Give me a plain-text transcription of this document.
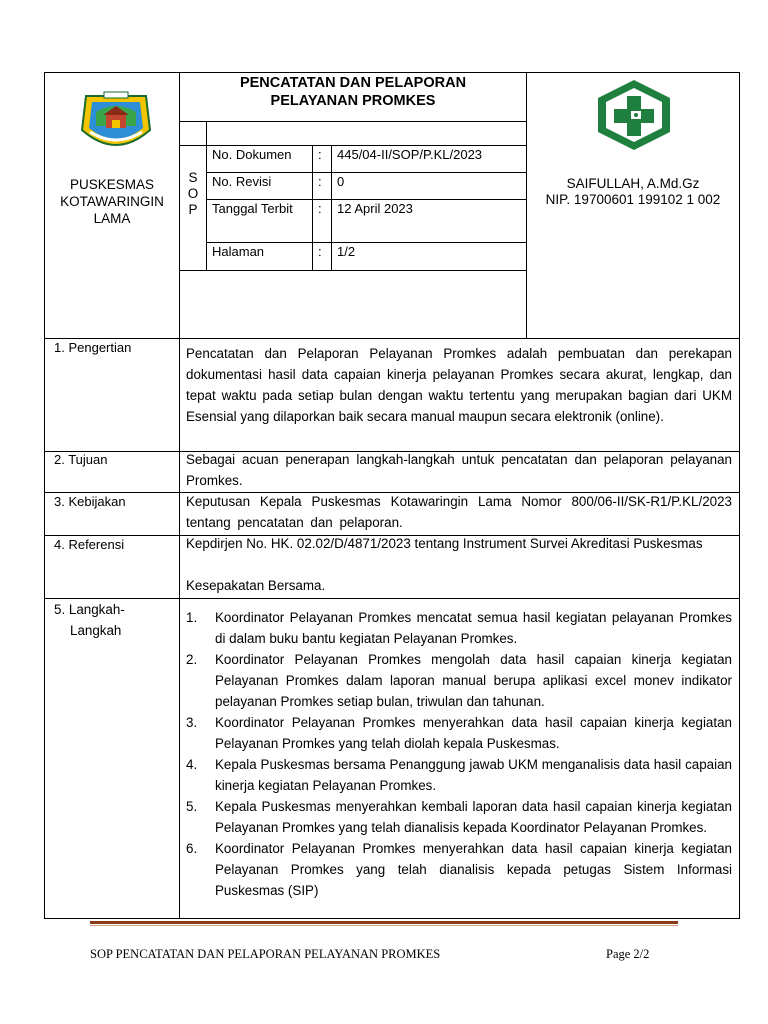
PUSKESMAS
KOTAWARINGIN
LAMA
PENCATATAN DAN PELAPORAN
PELAYANAN PROMKES
S
O
P
No. Dokumen : 445/04-II/SOP/P.KL/2023
No. Revisi	: 0
Tanggal Terbit	: 12 April 2023
Halaman	: 1/2
SAIFULLAH, A.Md.Gz
NIP. 19700601 199102 1 002
1. Pengertian	Pencatatan dan Pelaporan Pelayanan Promkes adalah pembuatan dan perekapan dokumentasi hasil data capaian kinerja pelayanan Promkes secara akurat, lengkap, dan tepat waktu pada setiap bulan dengan waktu tertentu yang merupakan bagian dari UKM Esensial yang dilaporkan baik secara manual maupun secara elektronik (online).
2. Tujuan	Sebagai acuan penerapan langkah-langkah untuk pencatatan dan pelaporan pelayanan Promkes.
3. Kebijakan	Keputusan Kepala Puskesmas Kotawaringin Lama Nomor 800/06-II/SK-R1/P.KL/2023 tentang pencatatan dan pelaporan.
4. Referensi	Kepdirjen No. HK. 02.02/D/4871/2023 tentang Instrument Survei Akreditasi Puskesmas
Kesepakatan Bersama.
5. Langkah-
Langkah
1. Koordinator Pelayanan Promkes mencatat semua hasil kegiatan pelayanan Promkes di dalam buku bantu kegiatan Pelayanan Promkes.
2. Koordinator Pelayanan Promkes mengolah data hasil capaian kinerja kegiatan Pelayanan Promkes dalam laporan manual berupa aplikasi excel monev indikator pelayanan Promkes setiap bulan, triwulan dan tahunan.
3. Koordinator Pelayanan Promkes menyerahkan data hasil capaian kinerja kegiatan Pelayanan Promkes yang telah diolah kepala Puskesmas.
4. Kepala Puskesmas bersama Penanggung jawab UKM menganalisis data hasil capaian kinerja kegiatan Pelayanan Promkes.
5. Kepala Puskesmas menyerahkan kembali laporan data hasil capaian kinerja kegiatan Pelayanan Promkes yang telah dianalisis kepada Koordinator Pelayanan Promkes.
6. Koordinator Pelayanan Promkes menyerahkan data hasil capaian kinerja kegiatan Pelayanan Promkes yang telah dianalisis kepada petugas Sistem Informasi Puskesmas (SIP)
SOP PENCATATAN DAN PELAPORAN PELAYANAN PROMKES	Page 2/2
